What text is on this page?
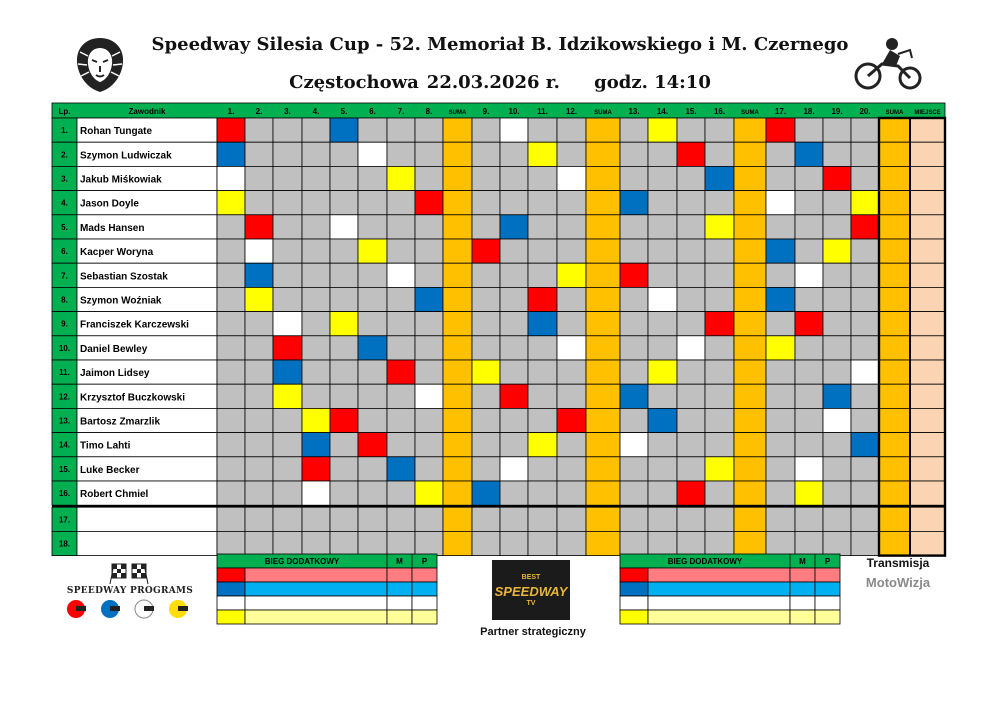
Speedway Silesia Cup - 52. Memoriał B. Idzikowskiego i M. Czernego
Częstochowa 22.03.2026 r. godz. 14:10
Lp.	Zawodnik	1.	2.	3.	4.	5.	6.	7.	8.	SUMA 9. 10. 11. 12.	SUMA 13. 14. 15. 16.	SUMA 17. 18. 19. 20.	SUMA MIEJSCE
1. Rohan Tungate
2. Szymon Ludwiczak
3. Jakub Miśkowiak
4. Jason Doyle
5. Mads Hansen
6. Kacper Woryna
7. Sebastian Szostak
8. Szymon Woźniak
9. Franciszek Karczewski
10. Daniel Bewley
11. Jaimon Lidsey
12. Krzysztof Buczkowski
13. Bartosz Zmarzlik
14. Timo Lahti
15. Luke Becker
16. Robert Chmiel
17.
18.
BIEG DODATKOWY	M P	BIEG DODATKOWY	M P
SPEEDWAY PROGRAMS
BEST
SPEEDWAY
TV
Partner strategiczny
Transmisja
MotoWizja
